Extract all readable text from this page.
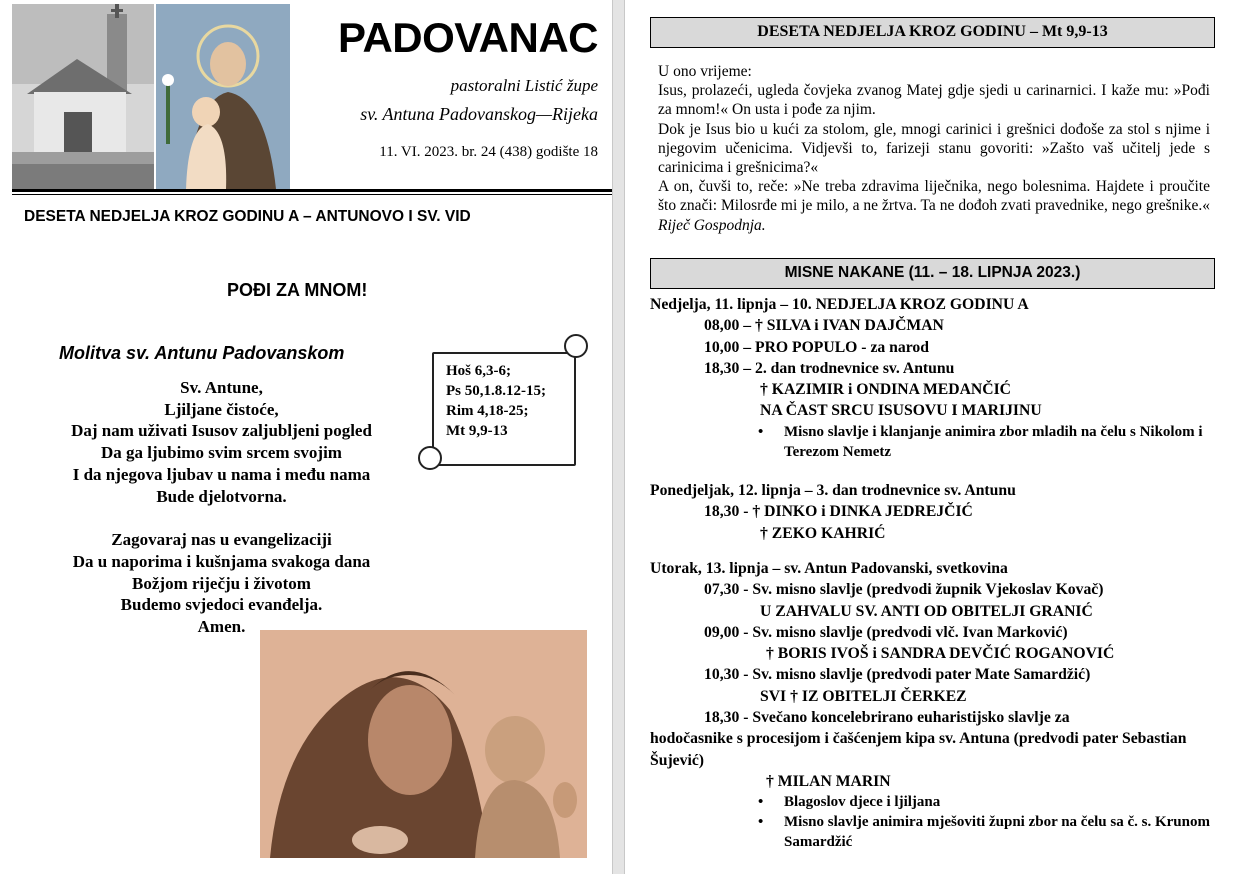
PADOVANAC
pastoralni Listić župe
sv. Antuna Padovanskog—Rijeka
11. VI. 2023. br. 24 (438) godište 18
DESETA NEDJELJA KROZ GODINU A – ANTUNOVO I SV. VID
POĐI ZA MNOM!
Molitva sv. Antunu Padovanskom
Sv. Antune,
Ljiljane čistoće,
Daj nam uživati Isusov zaljubljeni pogled
Da ga ljubimo svim srcem svojim
I da njegova ljubav u nama i među nama
Bude djelotvorna.
Zagovaraj nas u evangelizaciji
Da u naporima i kušnjama svakoga dana
Božjom riječju i životom
Budemo svjedoci evanđelja.
Amen.
Hoš 6,3-6;
Ps 50,1.8.12-15;
Rim 4,18-25;
Mt 9,9-13
DESETA NEDJELJA KROZ GODINU – Mt 9,9-13

U ono vrijeme:

Isus, prolazeći, ugleda čovjeka zvanog Matej gdje sjedi u carinarnici. I kaže mu: »Pođi za mnom!« On usta i pođe za njim.

Dok je Isus bio u kući za stolom, gle, mnogi carinici i grešnici dođoše za stol s njime i njegovim učenicima. Vidjevši to, farizeji stanu govoriti: »Zašto vaš učitelj jede s carinicima i grešnicima?«

A on, čuvši to, reče: »Ne treba zdravima liječnika, nego bolesnima. Hajdete i proučite što znači: Milosrđe mi je milo, a ne žrtva. Ta ne dođoh zvati pravednike, nego grešnike.« Riječ Gospodnja.

MISNE NAKANE (11. – 18. LIPNJA 2023.)
Nedjelja, 11. lipnja – 10. NEDJELJA KROZ GODINU A
08,00 – † SILVA i IVAN DAJČMAN
10,00 – PRO POPULO - za narod
18,30 – 2. dan trodnevnice sv. Antunu
† KAZIMIR i ONDINA MEDANČIĆ
NA ČAST SRCU ISUSOVU I MARIJINU
• Misno slavlje i klanjanje animira zbor mladih na čelu s Nikolom i Terezom Nemetz
Ponedjeljak, 12. lipnja – 3. dan trodnevnice sv. Antunu
18,30 - † DINKO i DINKA JEDREJČIĆ
† ZEKO KAHRIĆ
Utorak, 13. lipnja – sv. Antun Padovanski, svetkovina
07,30 - Sv. misno slavlje (predvodi župnik Vjekoslav Kovač)
U ZAHVALU SV. ANTI OD OBITELJI GRANIĆ
09,00 - Sv. misno slavlje (predvodi vlč. Ivan Marković)
† BORIS IVOŠ i SANDRA DEVČIĆ ROGANOVIĆ
10,30 - Sv. misno slavlje (predvodi pater Mate Samardžić)
SVI † IZ OBITELJI ČERKEZ
18,30 - Svečano koncelebrirano euharistijsko slavlje za
hodočasnike s procesijom i čašćenjem kipa sv. Antuna (predvodi pater Sebastian Šujević)
† MILAN MARIN
• Blagoslov djece i ljiljana
• Misno slavlje animira mješoviti župni zbor na čelu sa č. s. Krunom Samardžić
